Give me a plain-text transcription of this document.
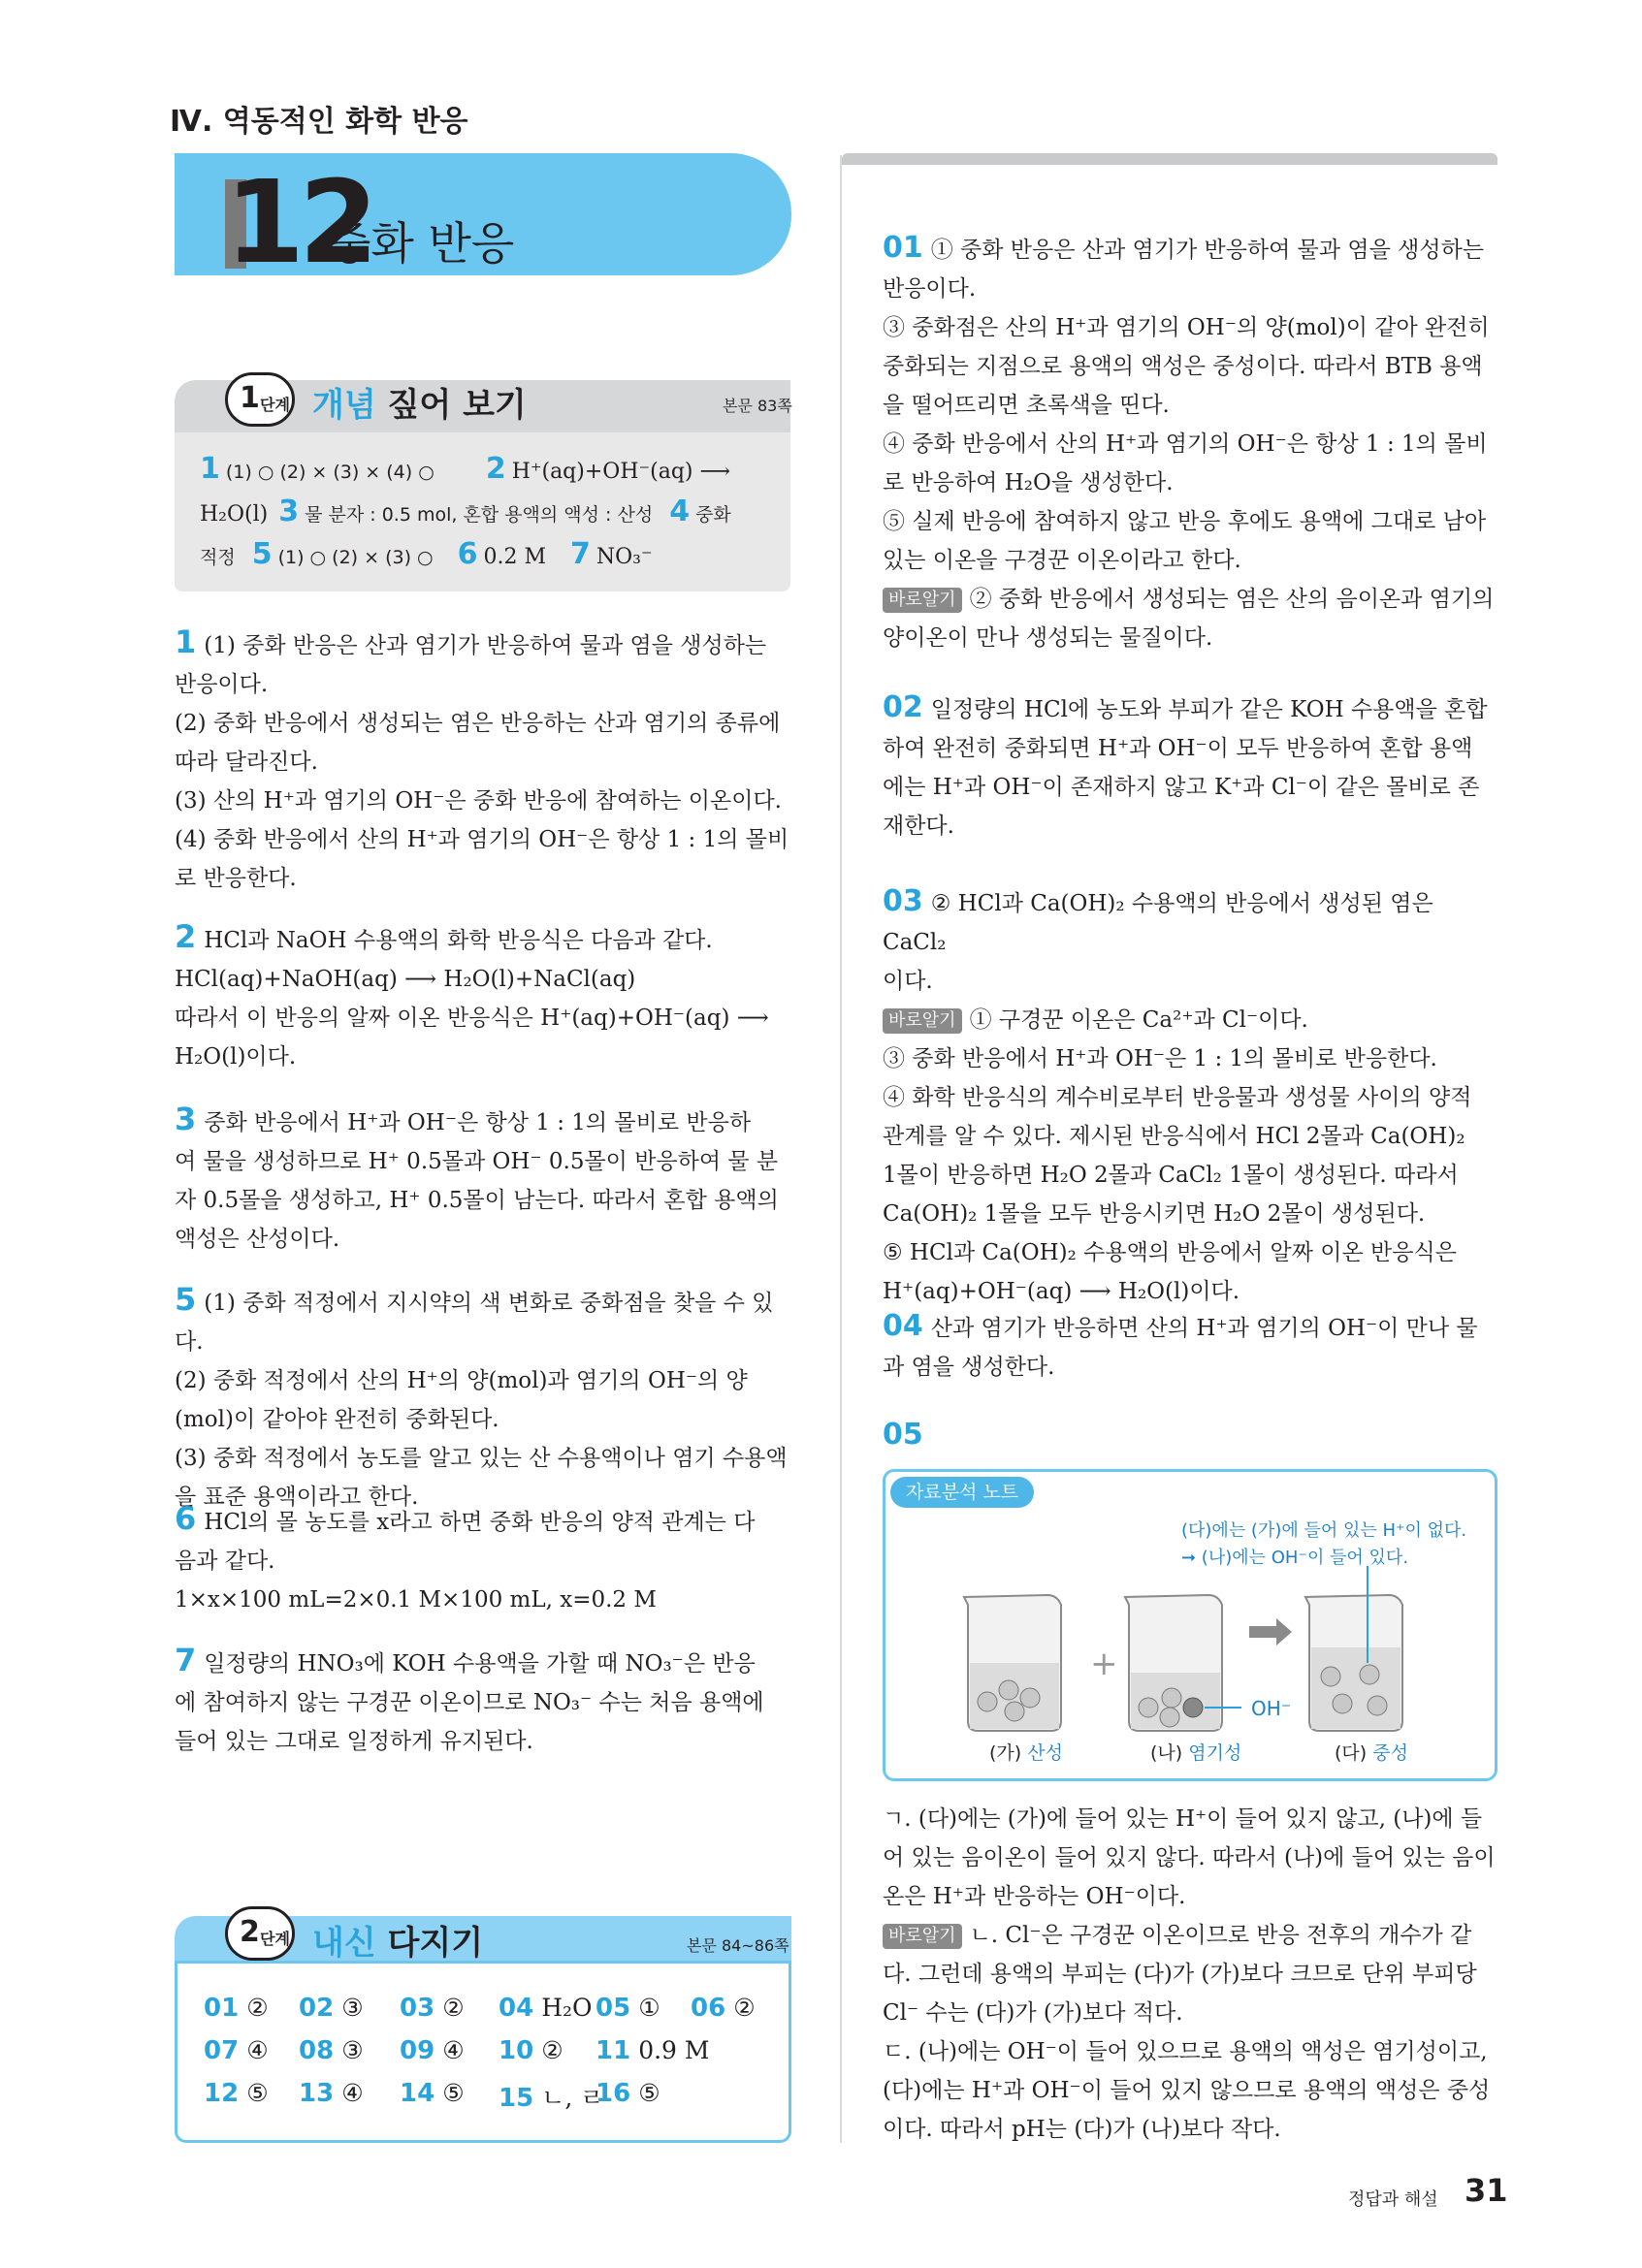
Ⅳ. 역동적인 화학 반응
12
중화 반응
1 단계 개념 짚어 보기	본문 83쪽
1 (1) ○ (2) × (3) × (4) ○ 2 H⁺(aq)+OH⁻(aq) ⟶
H₂O(l) 3 물 분자 : 0.5 mol, 혼합 용액의 액성 : 산성 4 중화
적정 5 (1) ○ (2) × (3) ○ 6 0.2 M 7 NO₃⁻
1 (1) 중화 반응은 산과 염기가 반응하여 물과 염을 생성하는
반응이다.
(2) 중화 반응에서 생성되는 염은 반응하는 산과 염기의 종류에
따라 달라진다.
(3) 산의 H⁺과 염기의 OH⁻은 중화 반응에 참여하는 이온이다.
(4) 중화 반응에서 산의 H⁺과 염기의 OH⁻은 항상 1 : 1의 몰비
로 반응한다.
2 HCl과 NaOH 수용액의 화학 반응식은 다음과 같다.
HCl(aq)+NaOH(aq) ⟶ H₂O(l)+NaCl(aq)
따라서 이 반응의 알짜 이온 반응식은 H⁺(aq)+OH⁻(aq) ⟶
H₂O(l)이다.
3 중화 반응에서 H⁺과 OH⁻은 항상 1 : 1의 몰비로 반응하
여 물을 생성하므로 H⁺ 0.5몰과 OH⁻ 0.5몰이 반응하여 물 분
자 0.5몰을 생성하고, H⁺ 0.5몰이 남는다. 따라서 혼합 용액의
액성은 산성이다.
5 (1) 중화 적정에서 지시약의 색 변화로 중화점을 찾을 수 있다.
(2) 중화 적정에서 산의 H⁺의 양(mol)과 염기의 OH⁻의 양
(mol)이 같아야 완전히 중화된다.
(3) 중화 적정에서 농도를 알고 있는 산 수용액이나 염기 수용액
을 표준 용액이라고 한다.
6 HCl의 몰 농도를 x라고 하면 중화 반응의 양적 관계는 다
음과 같다.
1×x×100 mL=2×0.1 M×100 mL, x=0.2 M
7 일정량의 HNO₃에 KOH 수용액을 가할 때 NO₃⁻은 반응
에 참여하지 않는 구경꾼 이온이므로 NO₃⁻ 수는 처음 용액에
들어 있는 그대로 일정하게 유지된다.
2 단계 내신 다지기	본문 84~86쪽
01 ② 02 ③ 03 ② 04 H₂O 05 ① 06 ②
07 ④ 08 ③ 09 ④ 10 ② 11 0.9 M
12 ⑤ 13 ④ 14 ⑤ 15 ㄴ, ㄹ
16 ⑤
01 ① 중화 반응은 산과 염기가 반응하여 물과 염을 생성하는
반응이다.
③ 중화점은 산의 H⁺과 염기의 OH⁻의 양(mol)이 같아 완전히
중화되는 지점으로 용액의 액성은 중성이다. 따라서 BTB 용액
을 떨어뜨리면 초록색을 띤다.
④ 중화 반응에서 산의 H⁺과 염기의 OH⁻은 항상 1 : 1의 몰비
로 반응하여 H₂O을 생성한다.
⑤ 실제 반응에 참여하지 않고 반응 후에도 용액에 그대로 남아
있는 이온을 구경꾼 이온이라고 한다.
바로알기 ② 중화 반응에서 생성되는 염은 산의 음이온과 염기의
양이온이 만나 생성되는 물질이다.
02 일정량의 HCl에 농도와 부피가 같은 KOH 수용액을 혼합
하여 완전히 중화되면 H⁺과 OH⁻이 모두 반응하여 혼합 용액
에는 H⁺과 OH⁻이 존재하지 않고 K⁺과 Cl⁻이 같은 몰비로 존
재한다.
03 ② HCl과 Ca(OH)₂ 수용액의 반응에서 생성된 염은 CaCl₂
이다.
바로알기 ① 구경꾼 이온은 Ca²⁺과 Cl⁻이다.
③ 중화 반응에서 H⁺과 OH⁻은 1 : 1의 몰비로 반응한다.
④ 화학 반응식의 계수비로부터 반응물과 생성물 사이의 양적
관계를 알 수 있다. 제시된 반응식에서 HCl 2몰과 Ca(OH)₂
1몰이 반응하면 H₂O 2몰과 CaCl₂ 1몰이 생성된다. 따라서
Ca(OH)₂ 1몰을 모두 반응시키면 H₂O 2몰이 생성된다.
⑤ HCl과 Ca(OH)₂ 수용액의 반응에서 알짜 이온 반응식은
H⁺(aq)+OH⁻(aq) ⟶ H₂O(l)이다.
04 산과 염기가 반응하면 산의 H⁺과 염기의 OH⁻이 만나 물
과 염을 생성한다.
05
자료분석 노트
(다)에는 (가)에 들어 있는 H⁺이 없다.
➞ (나)에는 OH⁻이 들어 있다.
+
OH⁻
(가) 산성	(나) 염기성	(다) 중성
ㄱ. (다)에는 (가)에 들어 있는 H⁺이 들어 있지 않고, (나)에 들
어 있는 음이온이 들어 있지 않다. 따라서 (나)에 들어 있는 음이
온은 H⁺과 반응하는 OH⁻이다.
바로알기 ㄴ. Cl⁻은 구경꾼 이온이므로 반응 전후의 개수가 같
다. 그런데 용액의 부피는 (다)가 (가)보다 크므로 단위 부피당
Cl⁻ 수는 (다)가 (가)보다 적다.
ㄷ. (나)에는 OH⁻이 들어 있으므로 용액의 액성은 염기성이고,
(다)에는 H⁺과 OH⁻이 들어 있지 않으므로 용액의 액성은 중성
이다. 따라서 pH는 (다)가 (나)보다 작다.
정답과 해설 31
